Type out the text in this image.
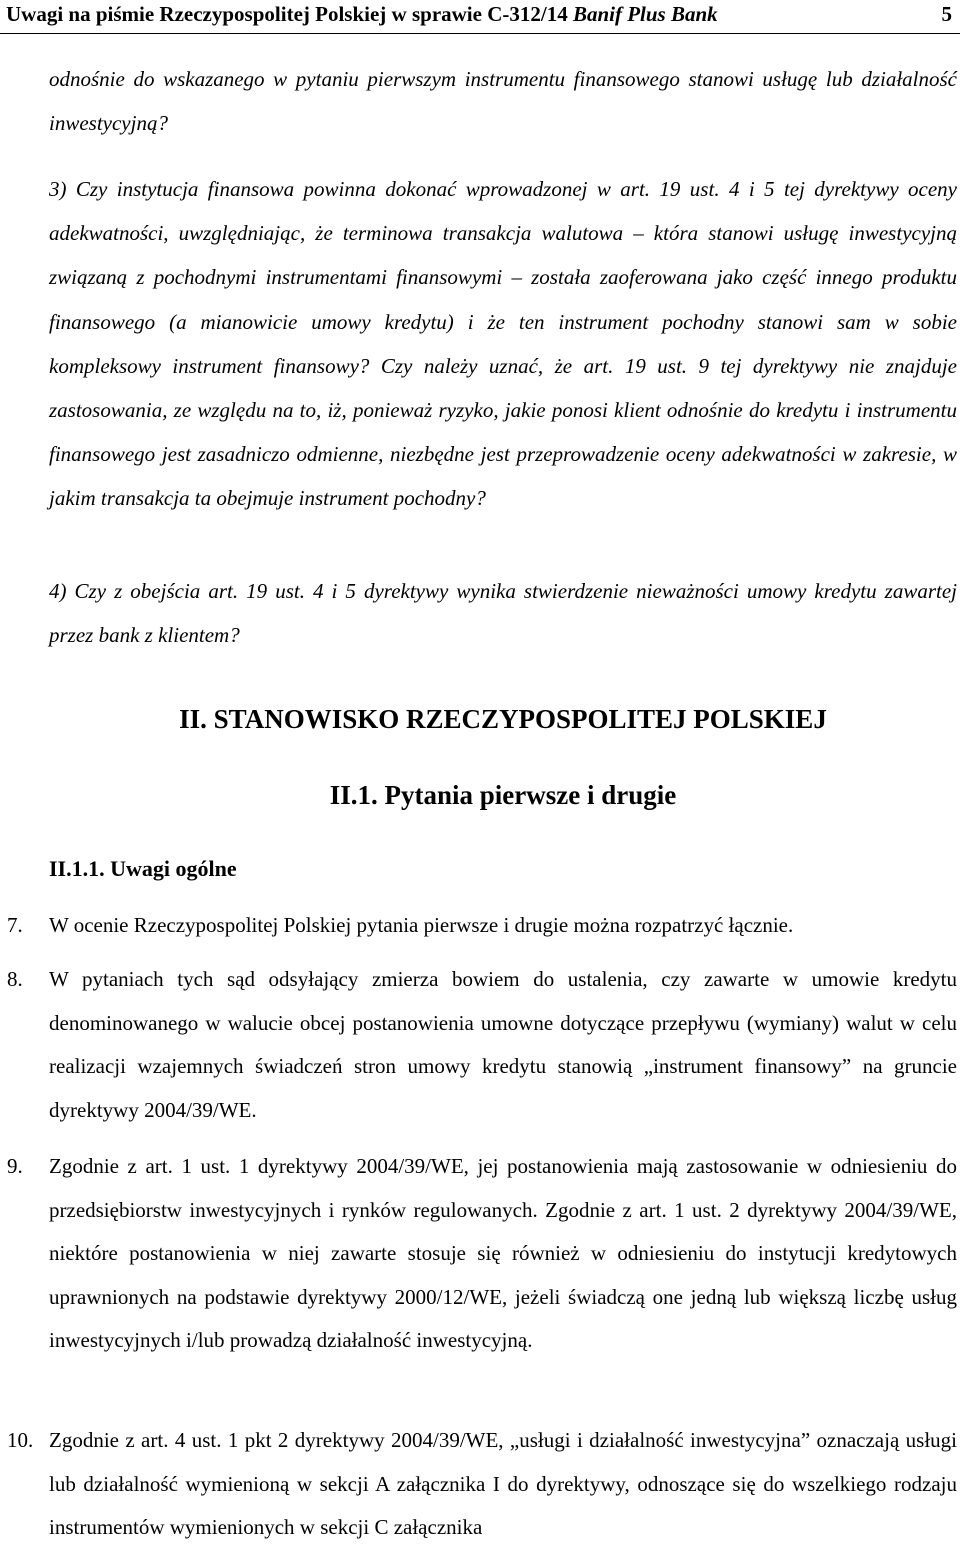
Uwagi na piśmie Rzeczypospolitej Polskiej w sprawie C-312/14 Banif Plus Bank	5

odnośnie do wskazanego w pytaniu pierwszym instrumentu finansowego stanowi usługę lub działalność inwestycyjną?

3) Czy instytucja finansowa powinna dokonać wprowadzonej w art. 19 ust. 4 i 5 tej dyrektywy oceny adekwatności, uwzględniając, że terminowa transakcja walutowa – która stanowi usługę inwestycyjną związaną z pochodnymi instrumentami finansowymi – została zaoferowana jako część innego produktu finansowego (a mianowicie umowy kredytu) i że ten instrument pochodny stanowi sam w sobie kompleksowy instrument finansowy? Czy należy uznać, że art. 19 ust. 9 tej dyrektywy nie znajduje zastosowania, ze względu na to, iż, ponieważ ryzyko, jakie ponosi klient odnośnie do kredytu i instrumentu finansowego jest zasadniczo odmienne, niezbędne jest przeprowadzenie oceny adekwatności w zakresie, w jakim transakcja ta obejmuje instrument pochodny?

4) Czy z obejścia art. 19 ust. 4 i 5 dyrektywy wynika stwierdzenie nieważności umowy kredytu zawartej przez bank z klientem?

II. STANOWISKO RZECZYPOSPOLITEJ POLSKIEJ
II.1. Pytania pierwsze i drugie
II.1.1. Uwagi ogólne
7. W ocenie Rzeczypospolitej Polskiej pytania pierwsze i drugie można rozpatrzyć łącznie.
8. W pytaniach tych sąd odsyłający zmierza bowiem do ustalenia, czy zawarte w umowie kredytu denominowanego w walucie obcej postanowienia umowne dotyczące przepływu (wymiany) walut w celu realizacji wzajemnych świadczeń stron umowy kredytu stanowią „instrument finansowy” na gruncie dyrektywy 2004/39/WE.
9. Zgodnie z art. 1 ust. 1 dyrektywy 2004/39/WE, jej postanowienia mają zastosowanie w odniesieniu do przedsiębiorstw inwestycyjnych i rynków regulowanych. Zgodnie z art. 1 ust. 2 dyrektywy 2004/39/WE, niektóre postanowienia w niej zawarte stosuje się również w odniesieniu do instytucji kredytowych uprawnionych na podstawie dyrektywy 2000/12/WE, jeżeli świadczą one jedną lub większą liczbę usług inwestycyjnych i/lub prowadzą działalność inwestycyjną.
10. Zgodnie z art. 4 ust. 1 pkt 2 dyrektywy 2004/39/WE, „usługi i działalność inwestycyjna” oznaczają usługi lub działalność wymienioną w sekcji A załącznika I do dyrektywy, odnoszące się do wszelkiego rodzaju instrumentów wymienionych w sekcji C załącznika
